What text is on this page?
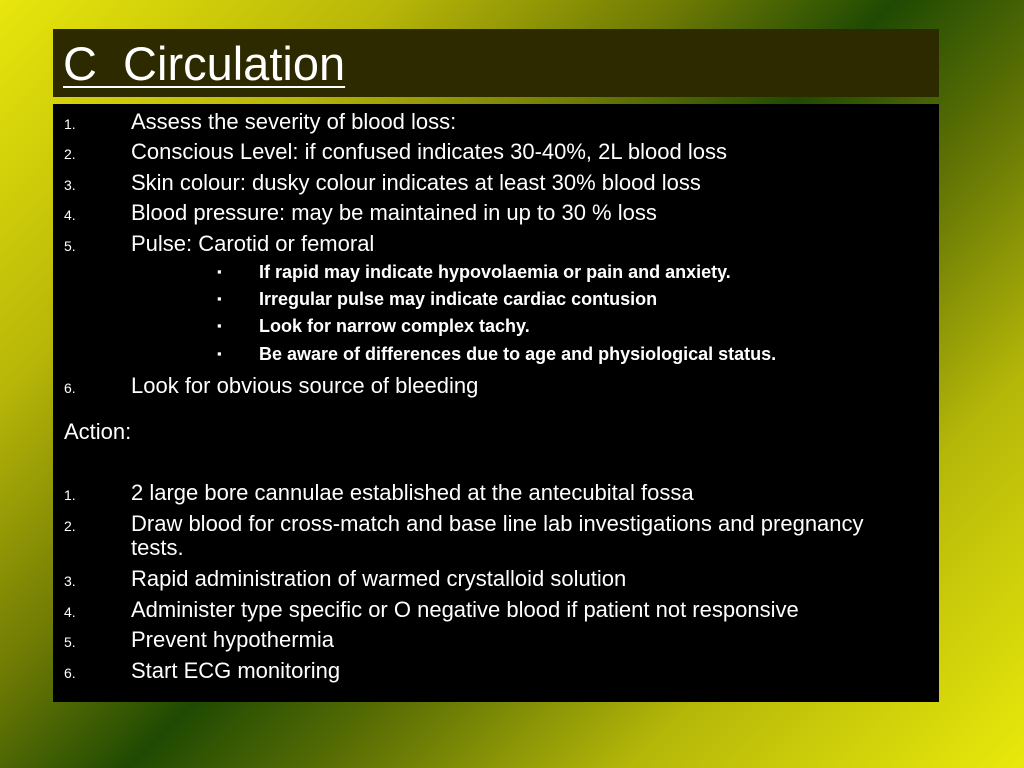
C  Circulation
1.	Assess the severity of blood loss:
2.	Conscious Level: if confused indicates 30-40%, 2L blood loss
3.	Skin colour: dusky colour indicates at least 30% blood loss
4.	Blood pressure: may be maintained in up to 30 % loss
5.	Pulse: Carotid or femoral
▪ If rapid may indicate hypovolaemia or pain and anxiety.
▪ Irregular pulse may indicate cardiac contusion
▪ Look for narrow complex tachy.
▪ Be aware of differences due to age and physiological status.
6.	Look for obvious source of bleeding
Action:
1.	2 large bore cannulae established at the antecubital fossa
2.	Draw blood for cross-match and base line lab investigations and pregnancy tests.
3.	Rapid administration of warmed crystalloid solution
4.	Administer type specific or O negative blood if patient not responsive
5.	Prevent hypothermia
6.	Start ECG monitoring
